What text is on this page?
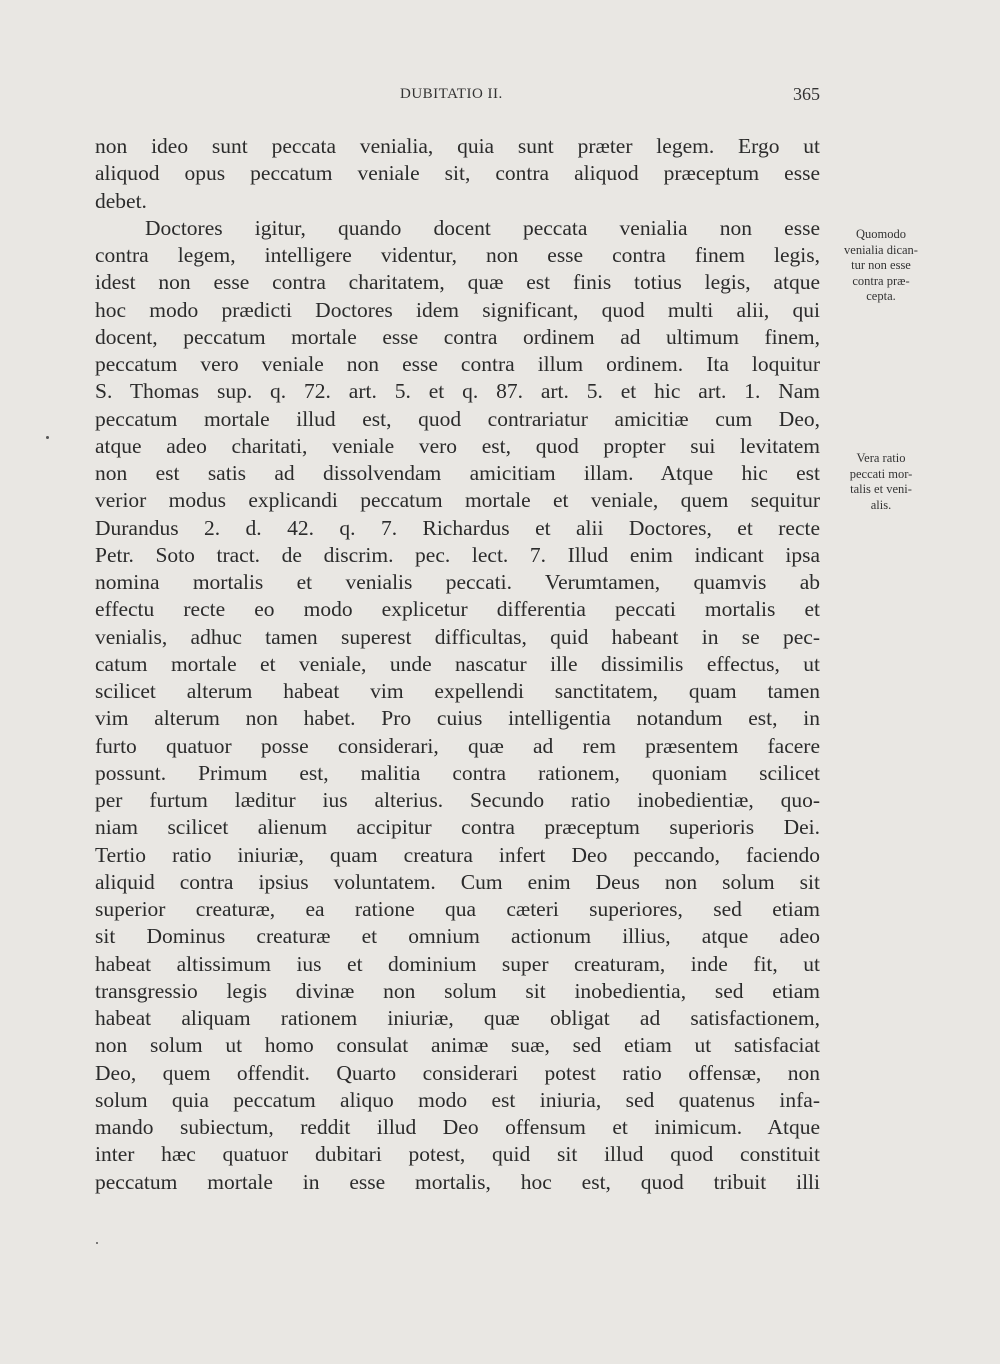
DUBITATIO II.	365
non ideo sunt peccata venialia, quia sunt præter legem. Ergo ut
aliquod opus peccatum veniale sit, contra aliquod præceptum esse
debet.
Doctores igitur, quando docent peccata venialia non esse
contra legem, intelligere videntur, non esse contra finem legis,
idest non esse contra charitatem, quæ est finis totius legis, atque
hoc modo prædicti Doctores idem significant, quod multi alii, qui
docent, peccatum mortale esse contra ordinem ad ultimum finem,
peccatum vero veniale non esse contra illum ordinem. Ita loquitur
S. Thomas sup. q. 72. art. 5. et q. 87. art. 5. et hic art. 1. Nam
peccatum mortale illud est, quod contrariatur amicitiæ cum Deo,
atque adeo charitati, veniale vero est, quod propter sui levitatem
non est satis ad dissolvendam amicitiam illam. Atque hic est
verior modus explicandi peccatum mortale et veniale, quem sequitur
Durandus 2. d. 42. q. 7. Richardus et alii Doctores, et recte
Petr. Soto tract. de discrim. pec. lect. 7. Illud enim indicant ipsa
nomina mortalis et venialis peccati. Verumtamen, quamvis ab
effectu recte eo modo explicetur differentia peccati mortalis et
venialis, adhuc tamen superest difficultas, quid habeant in se pec-
catum mortale et veniale, unde nascatur ille dissimilis effectus, ut
scilicet alterum habeat vim expellendi sanctitatem, quam tamen
vim alterum non habet. Pro cuius intelligentia notandum est, in
furto quatuor posse considerari, quæ ad rem præsentem facere
possunt. Primum est, malitia contra rationem, quoniam scilicet
per furtum læditur ius alterius. Secundo ratio inobedientiæ, quo-
niam scilicet alienum accipitur contra præceptum superioris Dei.
Tertio ratio iniuriæ, quam creatura infert Deo peccando, faciendo
aliquid contra ipsius voluntatem. Cum enim Deus non solum sit
superior creaturæ, ea ratione qua cæteri superiores, sed etiam
sit Dominus creaturæ et omnium actionum illius, atque adeo
habeat altissimum ius et dominium super creaturam, inde fit, ut
transgressio legis divinæ non solum sit inobedientia, sed etiam
habeat aliquam rationem iniuriæ, quæ obligat ad satisfactionem,
non solum ut homo consulat animæ suæ, sed etiam ut satisfaciat
Deo, quem offendit. Quarto considerari potest ratio offensæ, non
solum quia peccatum aliquo modo est iniuria, sed quatenus infa-
mando subiectum, reddit illud Deo offensum et inimicum. Atque
inter hæc quatuor dubitari potest, quid sit illud quod constituit
peccatum mortale in esse mortalis, hoc est, quod tribuit illi
Quomodo
venialia dican-
tur non esse
contra præ-
cepta.
Vera ratio
peccati mor-
talis et veni-
alis.
